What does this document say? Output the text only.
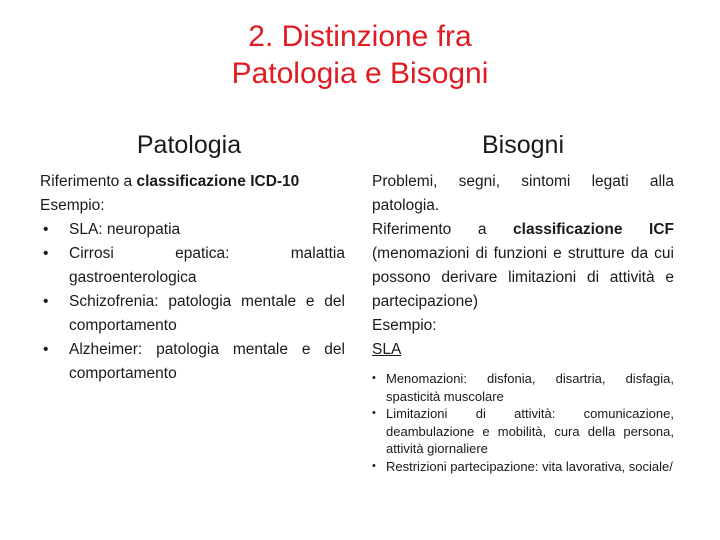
2. Distinzione fra
Patologia e Bisogni
Patologia
Riferimento a classificazione ICD-10
Esempio:
• SLA: neuropatia
• Cirrosi epatica: malattia gastroenterologica
• Schizofrenia: patologia mentale e del comportamento
• Alzheimer: patologia mentale e del comportamento
Bisogni
Problemi, segni, sintomi legati alla patologia.
Riferimento a classificazione ICF (menomazioni di funzioni e strutture da cui possono derivare limitazioni di attività e partecipazione)
Esempio:
SLA
• Menomazioni: disfonia, disartria, disfagia, spasticità muscolare
• Limitazioni di attività: comunicazione, deambulazione e mobilità, cura della persona, attività giornaliere
• Restrizioni partecipazione: vita lavorativa, sociale/
